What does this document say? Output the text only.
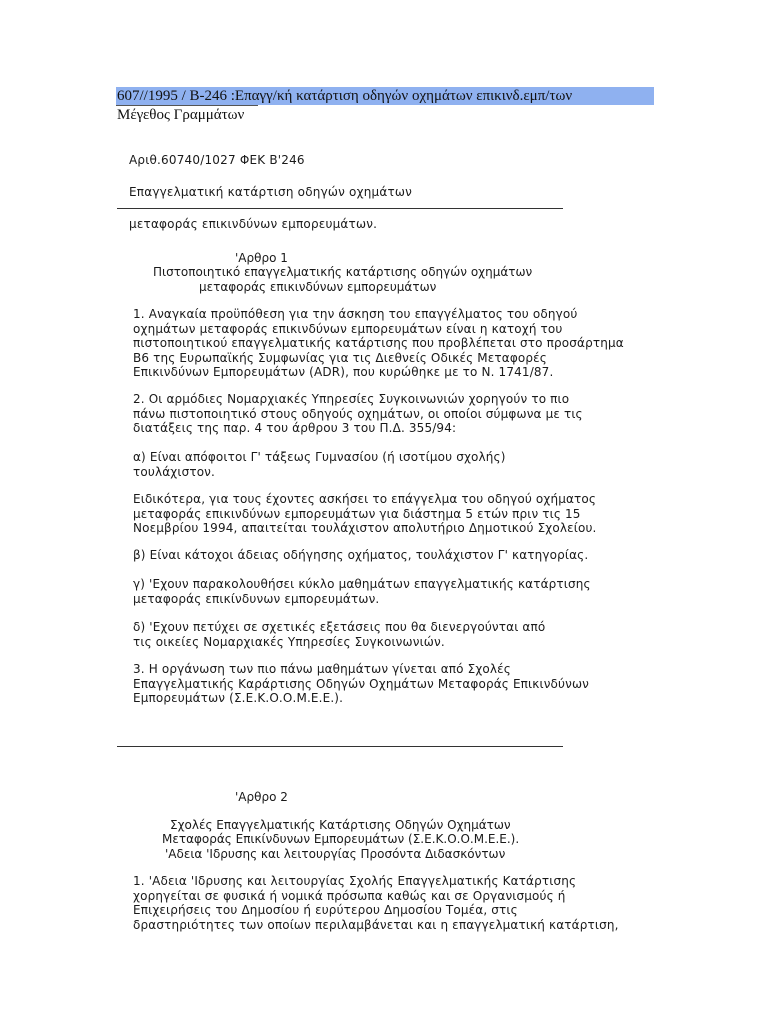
607//1995 / Β-246 :Επαγγ/κή κατάρτιση οδηγών οχημάτων επικινδ.εμπ/των
Μέγεθος Γραμμάτων

Αριθ.60740/1027 ΦΕΚ Β'246

Επαγγελματική κατάρτιση οδηγών οχημάτων

μεταφοράς επικινδύνων εμπορευμάτων.

'Αρθρο 1
Πιστοποιητικό επαγγελματικής κατάρτισης οδηγών οχημάτων
μεταφοράς επικινδύνων εμπορευμάτων
1. Αναγκαία προϋπόθεση για την άσκηση του επαγγέλματος του οδηγού
οχημάτων μεταφοράς επικινδύνων εμπορευμάτων είναι η κατοχή του
πιστοποιητικού επαγγελματικής κατάρτισης που προβλέπεται στο προσάρτημα
Β6 της Ευρωπαϊκής Συμφωνίας για τις Διεθνείς Οδικές Μεταφορές
Επικινδύνων Εμπορευμάτων (ADR), που κυρώθηκε με το Ν. 1741/87.
2. Οι αρμόδιες Νομαρχιακές Υπηρεσίες Συγκοινωνιών χορηγούν το πιο
πάνω πιστοποιητικό στους οδηγούς οχημάτων, οι οποίοι σύμφωνα με τις
διατάξεις της παρ. 4 του άρθρου 3 του Π.Δ. 355/94:
α) Είναι απόφοιτοι Γ' τάξεως Γυμνασίου (ή ισοτίμου σχολής)
τουλάχιστον.
Ειδικότερα, για τους έχοντες ασκήσει το επάγγελμα του οδηγού οχήματος
μεταφοράς επικινδύνων εμπορευμάτων για διάστημα 5 ετών πριν τις 15
Νοεμβρίου 1994, απαιτείται τουλάχιστον απολυτήριο Δημοτικού Σχολείου.
β) Είναι κάτοχοι άδειας οδήγησης οχήματος, τουλάχιστον Γ' κατηγορίας.
γ) 'Εχουν παρακολουθήσει κύκλο μαθημάτων επαγγελματικής κατάρτισης
μεταφοράς επικίνδυνων εμπορευμάτων.
δ) 'Εχουν πετύχει σε σχετικές εξετάσεις που θα διενεργούνται από
τις οικείες Νομαρχιακές Υπηρεσίες Συγκοινωνιών.
3. Η οργάνωση των πιο πάνω μαθημάτων γίνεται από Σχολές
Επαγγελματικής Καράρτισης Οδηγών Οχημάτων Μεταφοράς Επικινδύνων
Εμπορευμάτων (Σ.Ε.Κ.Ο.Ο.Μ.Ε.Ε.).
'Αρθρο 2
Σχολές Επαγγελματικής Κατάρτισης Οδηγών Οχημάτων
Μεταφοράς Επικίνδυνων Εμπορευμάτων (Σ.Ε.Κ.Ο.Ο.Μ.Ε.Ε.).
'Αδεια 'Ιδρυσης και λειτουργίας Προσόντα Διδασκόντων
1. 'Αδεια 'Ιδρυσης και λειτουργίας Σχολής Επαγγελματικής Κατάρτισης
χορηγείται σε φυσικά ή νομικά πρόσωπα καθώς και σε Οργανισμούς ή
Επιχειρήσεις του Δημοσίου ή ευρύτερου Δημοσίου Τομέα, στις
δραστηριότητες των οποίων περιλαμβάνεται και η επαγγελματική κατάρτιση,
